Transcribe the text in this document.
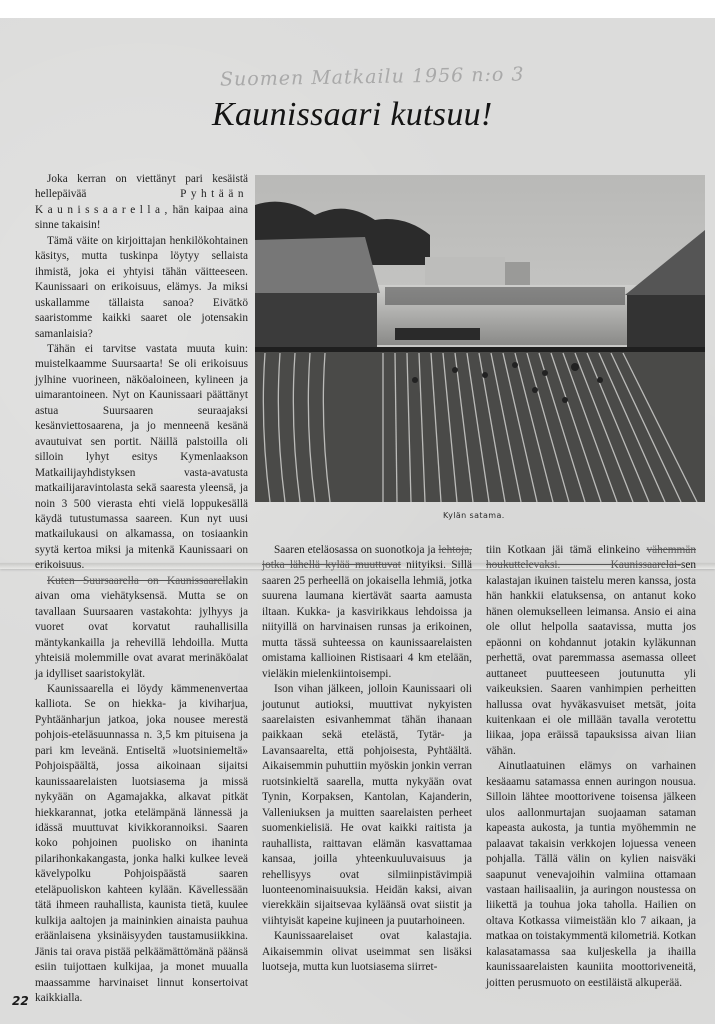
Suomen Matkailu 1956 n:o 3
Kaunissaari kutsuu!

Joka kerran on viettänyt pari kesäistä hellepäivää Pyhtään Kaunissaarella, hän kaipaa aina sinne takaisin!

Tämä väite on kirjoittajan henkilökohtainen käsitys, mutta tuskinpa löytyy sellaista ihmistä, joka ei yhtyisi tähän väitteeseen. Kaunissaari on erikoisuus, elämys. Ja miksi uskallamme tällaista sanoa? Eivätkö saaristomme kaikki saaret ole jotensakin samanlaisia?

Tähän ei tarvitse vastata muuta kuin: muistelkaamme Suursaarta! Se oli erikoisuus jylhine vuorineen, näköaloineen, kylineen ja uimarantoineen. Nyt on Kaunissaari päättänyt astua Suursaaren seuraajaksi kesänviettosaarena, ja jo menneenä kesänä avautuivat sen portit. Näillä palstoilla oli silloin lyhyt esitys Kymenlaakson Matkailijayhdistyksen vasta-avatusta matkailijaravintolasta sekä saaresta yleensä, ja noin 3 500 vierasta ehti vielä loppukesällä käydä tutustumassa saareen. Kun nyt uusi matkailukausi on alkamassa, on tosiaankin syytä kertoa miksi ja mitenkä Kaunissaari on erikoisuus.

Kuten Suursaarella on Kaunissaarellakin aivan oma viehätyksensä. Mutta se on tavallaan Suursaaren vastakohta: jylhyys ja vuoret ovat korvatut rauhallisilla mäntykankailla ja rehevillä lehdoilla. Mutta yhteisiä molemmille ovat avarat merinäköalat ja idylliset saaristokylät.

Kaunissaarella ei löydy kämmenenvertaa kalliota. Se on hiekka- ja kiviharjua, Pyhtäänharjun jatkoa, joka nousee merestä pohjois-eteläsuunnassa n. 3,5 km pituisena ja pari km leveänä. Entiseltä »luotsiniemeltä» Pohjoispäältä, jossa aikoinaan sijaitsi kaunissaarelaisten luotsiasema ja missä nykyään on Agamajakka, alkavat pitkät hiekkarannat, jotka etelämpänä lännessä ja idässä muuttuvat kivikkorannoiksi. Saaren koko pohjoinen puolisko on ihaninta pilarihonkakangasta, jonka halki kulkee leveä kävelypolku Pohjoispäästä saaren eteläpuoliskon kahteen kylään. Kävellessään tätä ihmeen rauhallista, kaunista tietä, kuulee kulkija aaltojen ja maininkien ainaista pauhua eräänlaisena yksinäisyyden taustamusiikkina. Jänis tai orava pistää pelkäämättömänä päänsä esiin tuijottaen kulkijaa, ja monet muualla maassamme harvinaiset linnut konsertoivat kaikkialla.

Kylän satama.

Saaren eteläosassa on suonotkoja ja lehtoja, jotka lähellä kylää muuttuvat niityiksi. Sillä saaren 25 perheellä on jokaisella lehmiä, jotka suurena laumana kiertävät saarta aamusta iltaan. Kukka- ja kasvirikkaus lehdoissa ja niityillä on harvinaisen runsas ja erikoinen, mutta tässä suhteessa on kaunissaarelaisten omistama kallioinen Ristisaari 4 km etelään, vieläkin mielenkiintoisempi.

Ison vihan jälkeen, jolloin Kaunissaari oli joutunut autioksi, muuttivat nykyisten saarelaisten esivanhemmat tähän ihanaan paikkaan sekä etelästä, Tytär- ja Lavansaarelta, että pohjoisesta, Pyhtäältä. Aikaisemmin puhuttiin myöskin jonkin verran ruotsinkieltä saarella, mutta nykyään ovat Tynin, Korpaksen, Kantolan, Kajanderin, Valleniuksen ja muitten saarelaisten perheet suomenkielisiä. He ovat kaikki raitista ja rauhallista, raittavan elämän kasvattamaa kansaa, joilla yhteenkuuluvaisuus ja rehellisyys ovat silmiinpistävimpiä luonteenominaisuuksia. Heidän kaksi, aivan vierekkäin sijaitsevaa kyläänsä ovat siistit ja viihtyisät kapeine kujineen ja puutarhoineen.

Kaunissaarelaiset ovat kalastajia. Aikaisemmin olivat useimmat sen lisäksi luotseja, mutta kun luotsiasema siirret-

tiin Kotkaan jäi tämä elinkeino vähemmän houkuttelevaksi. Kaunissaarelai-sen kalastajan ikuinen taistelu meren kanssa, josta hän hankkii elatuksensa, on antanut koko hänen olemukselleen leimansa. Ansio ei aina ole ollut helpolla saatavissa, mutta jos epäonni on kohdannut jotakin kyläkunnan perhettä, ovat paremmassa asemassa olleet auttaneet puutteeseen joutunutta yli vaikeuksien. Saaren vanhimpien perheitten hallussa ovat hyväkasvuiset metsät, joita kuitenkaan ei ole millään tavalla verotettu liikaa, jopa eräissä tapauksissa aivan liian vähän.

Ainutlaatuinen elämys on varhainen kesäaamu satamassa ennen auringon nousua. Silloin lähtee moottorivene toisensa jälkeen ulos aallonmurtajan suojaaman sataman kapeasta aukosta, ja tuntia myöhemmin ne palaavat takaisin verkkojen lojuessa veneen pohjalla. Tällä välin on kylien naisväki saapunut venevajoihin valmiina ottamaan vastaan hailisaaliin, ja auringon noustessa on liikettä ja touhua joka taholla. Hailien on oltava Kotkassa viimeistään klo 7 aikaan, ja matkaa on toistakymmentä kilometriä. Kotkan kalasatamassa saa kuljeskella ja ihailla kaunissaarelaisten kauniita moottoriveneitä, joitten perusmuoto on eestiläistä alkuperää.

22
